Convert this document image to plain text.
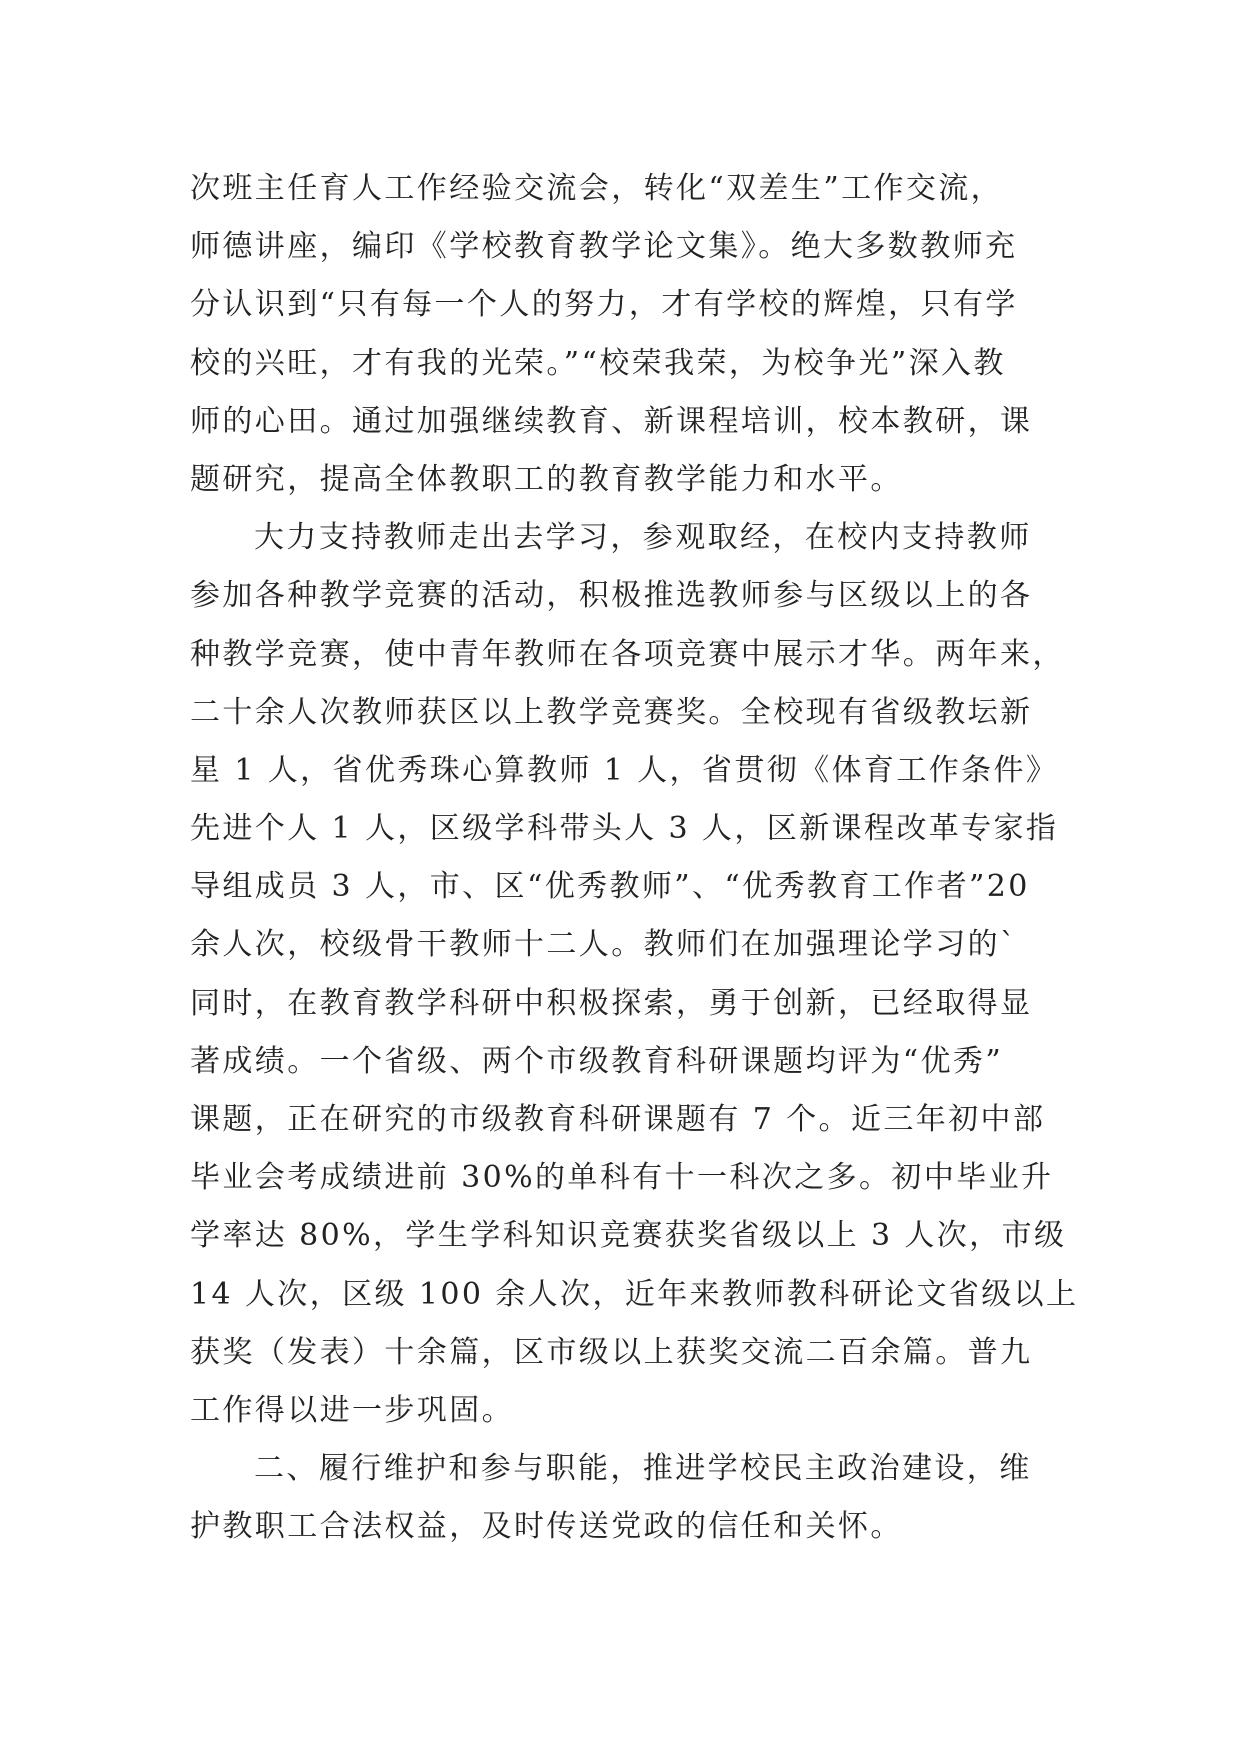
次班主任育人工作经验交流会，转化“双差生”工作交流，
师德讲座，编印《学校教育教学论文集》。绝大多数教师充
分认识到“只有每一个人的努力，才有学校的辉煌，只有学
校的兴旺，才有我的光荣。”“校荣我荣，为校争光”深入教
师的心田。通过加强继续教育、新课程培训，校本教研，课
题研究，提高全体教职工的教育教学能力和水平。
大力支持教师走出去学习，参观取经，在校内支持教师
参加各种教学竞赛的活动，积极推选教师参与区级以上的各
种教学竞赛，使中青年教师在各项竞赛中展示才华。两年来，
二十余人次教师获区以上教学竞赛奖。全校现有省级教坛新
星 1 人，省优秀珠心算教师 1 人，省贯彻《体育工作条件》
先进个人 1 人，区级学科带头人 3 人，区新课程改革专家指
导组成员 3 人，市、区“优秀教师”、“优秀教育工作者”20
余人次，校级骨干教师十二人。教师们在加强理论学习的`
同时，在教育教学科研中积极探索，勇于创新，已经取得显
著成绩。一个省级、两个市级教育科研课题均评为“优秀”
课题，正在研究的市级教育科研课题有 7 个。近三年初中部
毕业会考成绩进前 30%的单科有十一科次之多。初中毕业升
学率达 80%，学生学科知识竞赛获奖省级以上 3 人次，市级
14 人次，区级 100 余人次，近年来教师教科研论文省级以上
获奖（发表）十余篇，区市级以上获奖交流二百余篇。普九
工作得以进一步巩固。
二、履行维护和参与职能，推进学校民主政治建设，维
护教职工合法权益，及时传送党政的信任和关怀。
